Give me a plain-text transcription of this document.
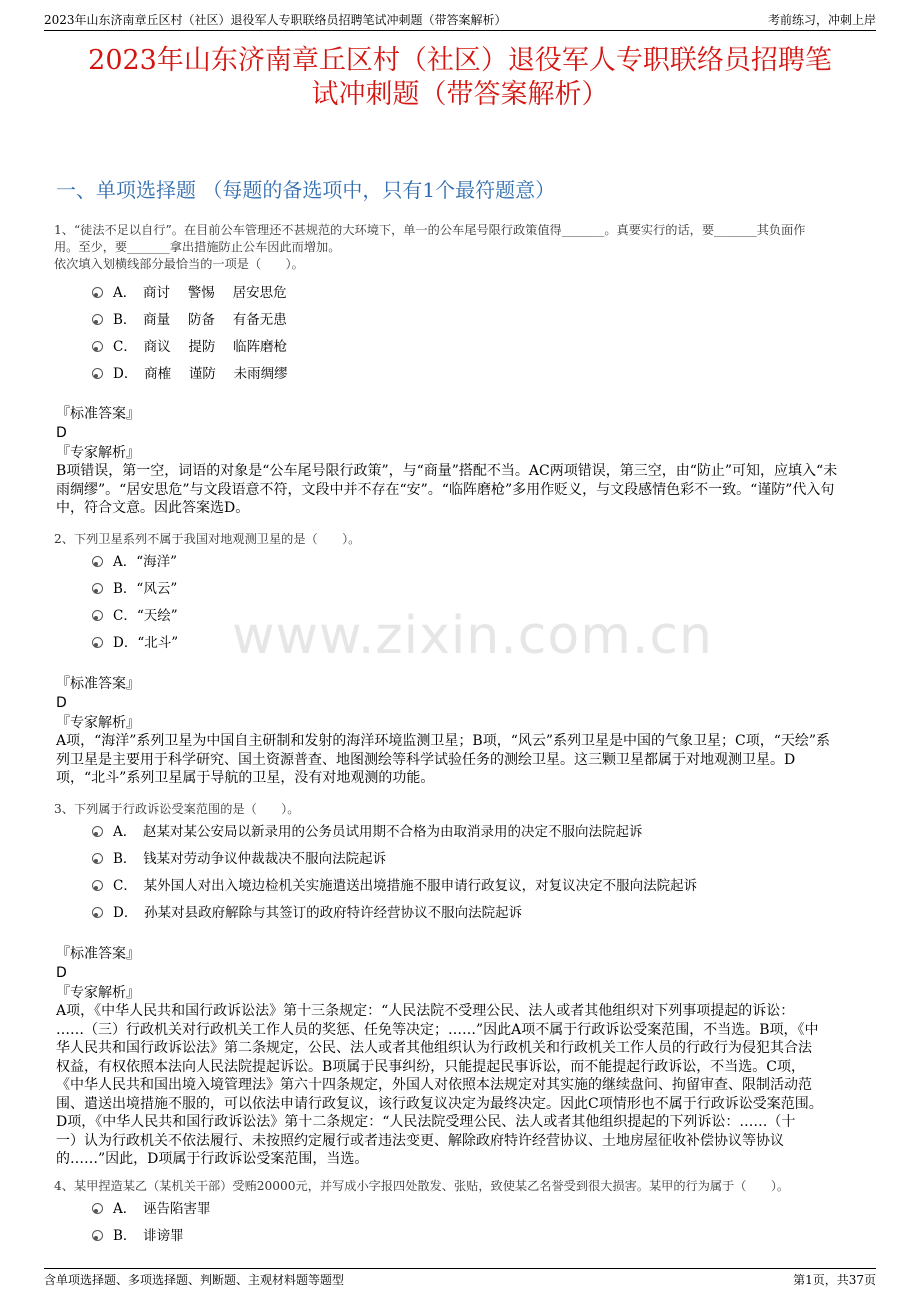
2023年山东济南章丘区村（社区）退役军人专职联络员招聘笔试冲刺题（带答案解析）	考前练习，冲刺上岸
2023年山东济南章丘区村（社区）退役军人专职联络员招聘笔
试冲刺题（带答案解析）
一、单项选择题 （每题的备选项中，只有1个最符题意）
www.zixin.com.cn
1、“徒法不足以自行”。在目前公车管理还不甚规范的大环境下，单一的公车尾号限行政策值得_______。真要实行的话，要_______其负面作
用。至少，要_______拿出措施防止公车因此而增加。
依次填入划横线部分最恰当的一项是（　　）。
A．　商讨　 警惕　 居安思危
B．　商量　 防备　 有备无患
C．　商议　 提防　 临阵磨枪
D．　商榷　 谨防　 未雨绸缪
『标准答案』
D
『专家解析』
B项错误，第一空，词语的对象是“公车尾号限行政策”，与“商量”搭配不当。AC两项错误，第三空，由“防止”可知，应填入“未
雨绸缪”。“居安思危”与文段语意不符，文段中并不存在“安”。“临阵磨枪”多用作贬义，与文段感情色彩不一致。“谨防”代入句
中，符合文意。因此答案选D。
2、下列卫星系列不属于我国对地观测卫星的是（　　）。
A．“海洋”
B．“风云”
C．“天绘”
D．“北斗”
『标准答案』
D
『专家解析』
A项，“海洋”系列卫星为中国自主研制和发射的海洋环境监测卫星；B项，“风云”系列卫星是中国的气象卫星；C项，“天绘”系
列卫星是主要用于科学研究、国土资源普查、地图测绘等科学试验任务的测绘卫星。这三颗卫星都属于对地观测卫星。D
项，“北斗”系列卫星属于导航的卫星，没有对地观测的功能。
3、下列属于行政诉讼受案范围的是（　　）。
A．　赵某对某公安局以新录用的公务员试用期不合格为由取消录用的决定不服向法院起诉
B．　钱某对劳动争议仲裁裁决不服向法院起诉
C．　某外国人对出入境边检机关实施遣送出境措施不服申请行政复议，对复议决定不服向法院起诉
D．　孙某对县政府解除与其签订的政府特许经营协议不服向法院起诉
『标准答案』
D
『专家解析』
A项，《中华人民共和国行政诉讼法》第十三条规定：“人民法院不受理公民、法人或者其他组织对下列事项提起的诉讼：
……（三）行政机关对行政机关工作人员的奖惩、任免等决定；……”因此A项不属于行政诉讼受案范围，不当选。B项，《中
华人民共和国行政诉讼法》第二条规定，公民、法人或者其他组织认为行政机关和行政机关工作人员的行政行为侵犯其合法
权益，有权依照本法向人民法院提起诉讼。B项属于民事纠纷，只能提起民事诉讼，而不能提起行政诉讼，不当选。C项，
《中华人民共和国出境入境管理法》第六十四条规定，外国人对依照本法规定对其实施的继续盘问、拘留审查、限制活动范
围、遣送出境措施不服的，可以依法申请行政复议，该行政复议决定为最终决定。因此C项情形也不属于行政诉讼受案范围。
D项，《中华人民共和国行政诉讼法》第十二条规定：“人民法院受理公民、法人或者其他组织提起的下列诉讼：……（十
一）认为行政机关不依法履行、未按照约定履行或者违法变更、解除政府特许经营协议、土地房屋征收补偿协议等协议
的……”因此，D项属于行政诉讼受案范围，当选。
4、某甲捏造某乙（某机关干部）受贿20000元，并写成小字报四处散发、张贴，致使某乙名誉受到很大损害。某甲的行为属于（　　）。
A．　诬告陷害罪
B．　诽谤罪
含单项选择题、多项选择题、判断题、主观材料题等题型	第1页，共37页
